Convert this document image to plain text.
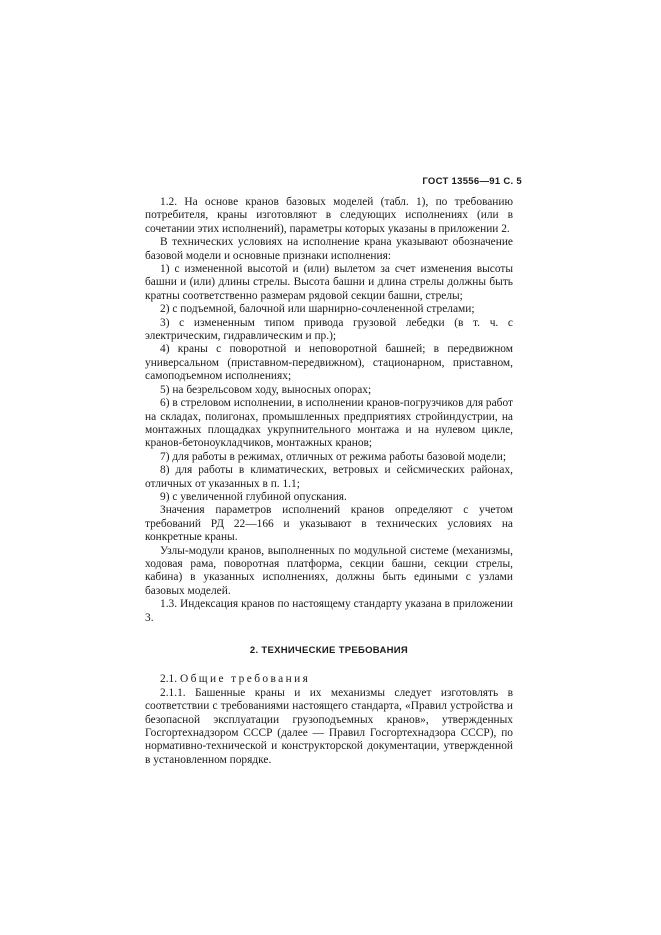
ГОСТ 13556—91 С. 5

1.2. На основе кранов базовых моделей (табл. 1), по требованию потребителя, краны изготовляют в следующих исполнениях (или в сочетании этих исполнений), параметры которых указаны в приложении 2.

В технических условиях на исполнение крана указывают обозначение базовой модели и основные признаки исполнения:

1) с измененной высотой и (или) вылетом за счет изменения высоты башни и (или) длины стрелы. Высота башни и длина стрелы должны быть кратны соответственно размерам рядовой секции башни, стрелы;

2) с подъемной, балочной или шарнирно-сочлененной стрелами;

3) с измененным типом привода грузовой лебедки (в т. ч. с электрическим, гидравлическим и пр.);

4) краны с поворотной и неповоротной башней; в передвижном универсальном (приставном-передвижном), стационарном, приставном, самоподъемном исполнениях;

5) на безрельсовом ходу, выносных опорах;

6) в стреловом исполнении, в исполнении кранов-погрузчиков для работ на складах, полигонах, промышленных предприятиях стройиндустрии, на монтажных площадках укрупнительного монтажа и на нулевом цикле, кранов-бетоноукладчиков, монтажных кранов;

7) для работы в режимах, отличных от режима работы базовой модели;

8) для работы в климатических, ветровых и сейсмических районах, отличных от указанных в п. 1.1;

9) с увеличенной глубиной опускания.

Значения параметров исполнений кранов определяют с учетом требований РД 22—166 и указывают в технических условиях на конкретные краны.

Узлы-модули кранов, выполненных по модульной системе (механизмы, ходовая рама, поворотная платформа, секции башни, секции стрелы, кабина) в указанных исполнениях, должны быть едиными с узлами базовых моделей.

1.3. Индексация кранов по настоящему стандарту указана в приложении 3.

2. ТЕХНИЧЕСКИЕ ТРЕБОВАНИЯ

2.1. Общие требования

2.1.1. Башенные краны и их механизмы следует изготовлять в соответствии с требованиями настоящего стандарта, «Правил устройства и безопасной эксплуатации грузоподъемных кранов», утвержденных Госгортехнадзором СССР (далее — Правил Госгортехнадзора СССР), по нормативно-технической и конструкторской документации, утвержденной в установленном порядке.
